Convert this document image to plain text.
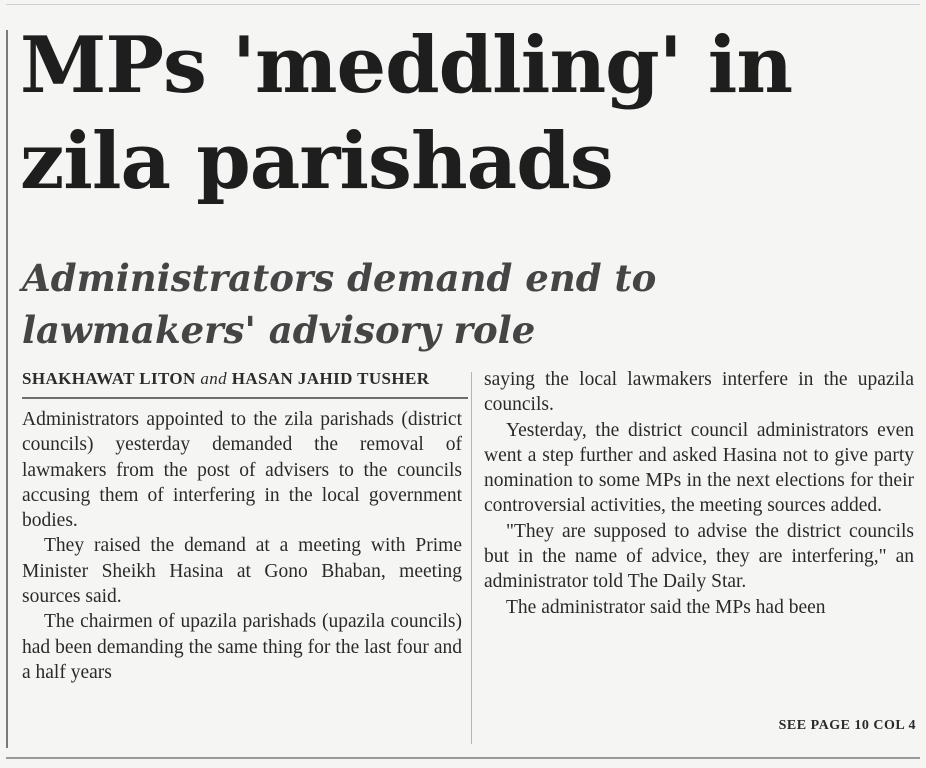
MPs 'meddling' in
zila parishads
Administrators demand end to
lawmakers' advisory role
SHAKHAWAT LITON and HASAN JAHID TUSHER

Administrators appointed to the zila parishads (district councils) yesterday demanded the removal of lawmakers from the post of advisers to the councils accusing them of interfering in the local government bodies.

They raised the demand at a meeting with Prime Minister Sheikh Hasina at Gono Bhaban, meeting sources said.

The chairmen of upazila parishads (upazila councils) had been demanding the same thing for the last four and a half years

saying the local lawmakers interfere in the upazila councils.

Yesterday, the district council administrators even went a step further and asked Hasina not to give party nomination to some MPs in the next elections for their controversial activities, the meeting sources added.

"They are supposed to advise the district councils but in the name of advice, they are interfering," an administrator told The Daily Star.

The administrator said the MPs had been

SEE PAGE 10 COL 4
